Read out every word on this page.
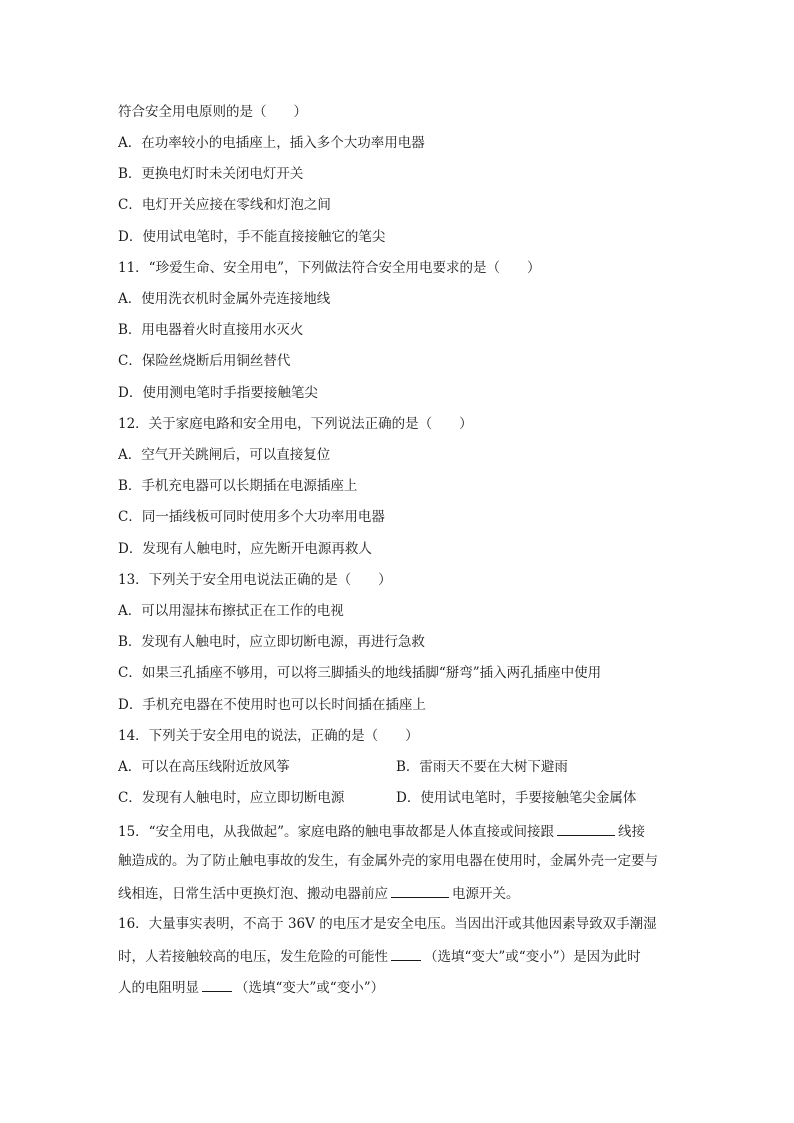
符合安全用电原则的是（　　）
A．在功率较小的电插座上，插入多个大功率用电器
B．更换电灯时未关闭电灯开关
C．电灯开关应接在零线和灯泡之间
D．使用试电笔时，手不能直接接触它的笔尖
11．“珍爱生命、安全用电”，下列做法符合安全用电要求的是（　　）
A．使用洗衣机时金属外壳连接地线
B．用电器着火时直接用水灭火
C．保险丝烧断后用铜丝替代
D．使用测电笔时手指要接触笔尖
12．关于家庭电路和安全用电，下列说法正确的是（　　）
A．空气开关跳闸后，可以直接复位
B．手机充电器可以长期插在电源插座上
C．同一插线板可同时使用多个大功率用电器
D．发现有人触电时，应先断开电源再救人
13．下列关于安全用电说法正确的是（　　）
A．可以用湿抹布擦拭正在工作的电视
B．发现有人触电时，应立即切断电源，再进行急救
C．如果三孔插座不够用，可以将三脚插头的地线插脚“掰弯”插入两孔插座中使用
D．手机充电器在不使用时也可以长时间插在插座上
14．下列关于安全用电的说法，正确的是（　　）
A．可以在高压线附近放风筝	B．雷雨天不要在大树下避雨
C．发现有人触电时，应立即切断电源	D．使用试电笔时，手要接触笔尖金属体
15．“安全用电，从我做起”。家庭电路的触电事故都是人体直接或间接跟	线接
触造成的。为了防止触电事故的发生，有金属外壳的家用电器在使用时，金属外壳一定要与
线相连，日常生活中更换灯泡、搬动电器前应	电源开关。
16．大量事实表明，不高于 36V 的电压才是安全电压。当因出汗或其他因素导致双手潮湿
时，人若接触较高的电压，发生危险的可能性	（选填“变大”或“变小”）是因为此时
人的电阻明显	（选填“变大”或“变小”）
